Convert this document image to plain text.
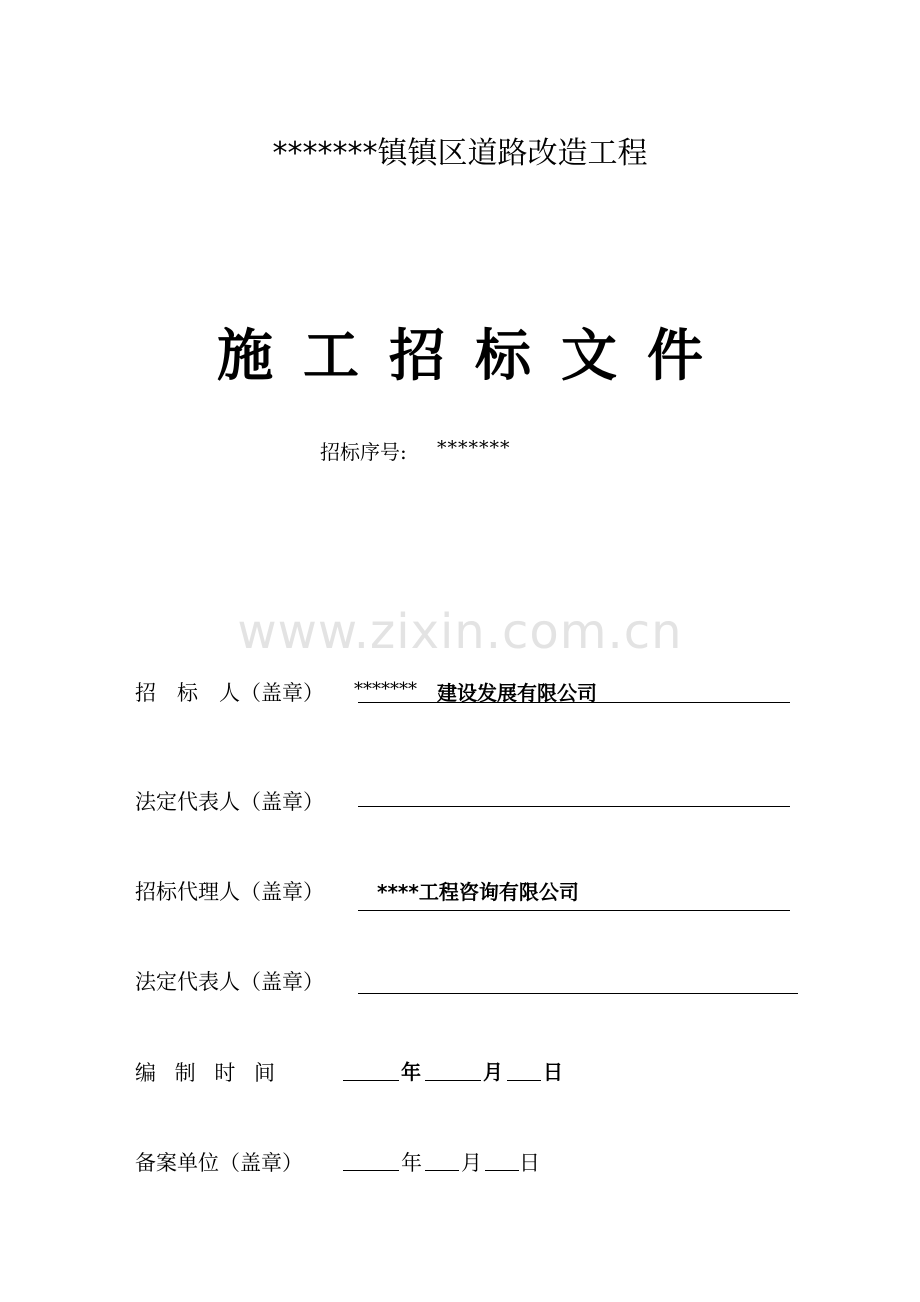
*******镇镇区道路改造工程
施工招标文件
招标序号: *******
www.zixin.com.cn
招　标　人（盖章） ******* 建设发展有限公司
法定代表人（盖章）
招标代理人（盖章）	****工程咨询有限公司
法定代表人（盖章）
编 制 时 间	年	月 日
备案单位（盖章）	年 月 日
